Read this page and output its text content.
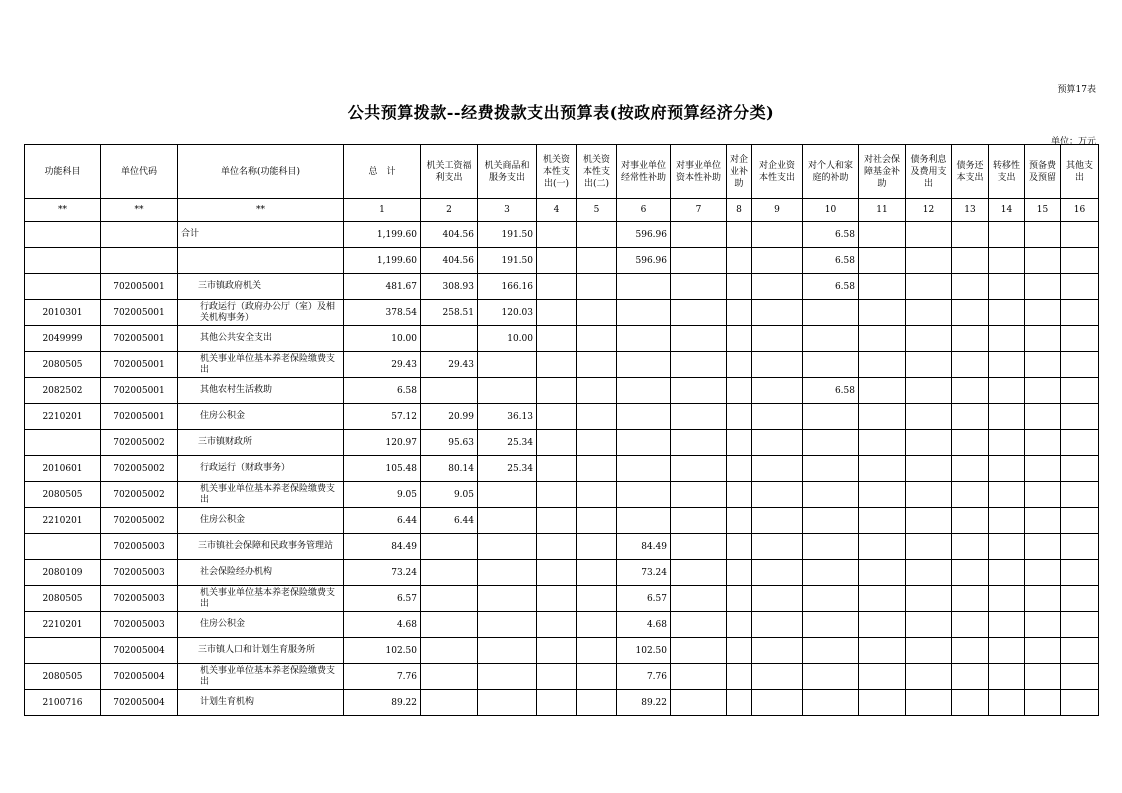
预算17表
公共预算拨款--经费拨款支出预算表(按政府预算经济分类)
单位：万元
功能科目	单位代码	单位名称(功能科目)	总　计	机关工资福利支出	机关商品和服务支出	机关资本性支出(一)	机关资本性支出(二)	对事业单位经常性补助	对事业单位资本性补助	对企业补助	对企业资本性支出	对个人和家庭的补助	对社会保障基金补助	债务利息及费用支出	债务还本支出	转移性支出	预备费及预留	其他支出
**	**	**	1	2	3	4	5	6	7	8	9	10	11	12	13	14	15	16
		合计	1,199.60	404.56	191.50			596.96				6.58						
			1,199.60	404.56	191.50			596.96				6.58						
	702005001	三市镇政府机关	481.67	308.93	166.16							6.58						
2010301	702005001	行政运行（政府办公厅（室）及相关机构事务）	378.54	258.51	120.03													
2049999	702005001	其他公共安全支出	10.00		10.00													
2080505	702005001	机关事业单位基本养老保险缴费支出	29.43	29.43														
2082502	702005001	其他农村生活救助	6.58									6.58						
2210201	702005001	住房公积金	57.12	20.99	36.13													
	702005002	三市镇财政所	120.97	95.63	25.34													
2010601	702005002	行政运行（财政事务）	105.48	80.14	25.34													
2080505	702005002	机关事业单位基本养老保险缴费支出	9.05	9.05														
2210201	702005002	住房公积金	6.44	6.44														
	702005003	三市镇社会保障和民政事务管理站	84.49					84.49										
2080109	702005003	社会保险经办机构	73.24					73.24										
2080505	702005003	机关事业单位基本养老保险缴费支出	6.57					6.57										
2210201	702005003	住房公积金	4.68					4.68										
	702005004	三市镇人口和计划生育服务所	102.50					102.50										
2080505	702005004	机关事业单位基本养老保险缴费支出	7.76					7.76										
2100716	702005004	计划生育机构	89.22					89.22										
